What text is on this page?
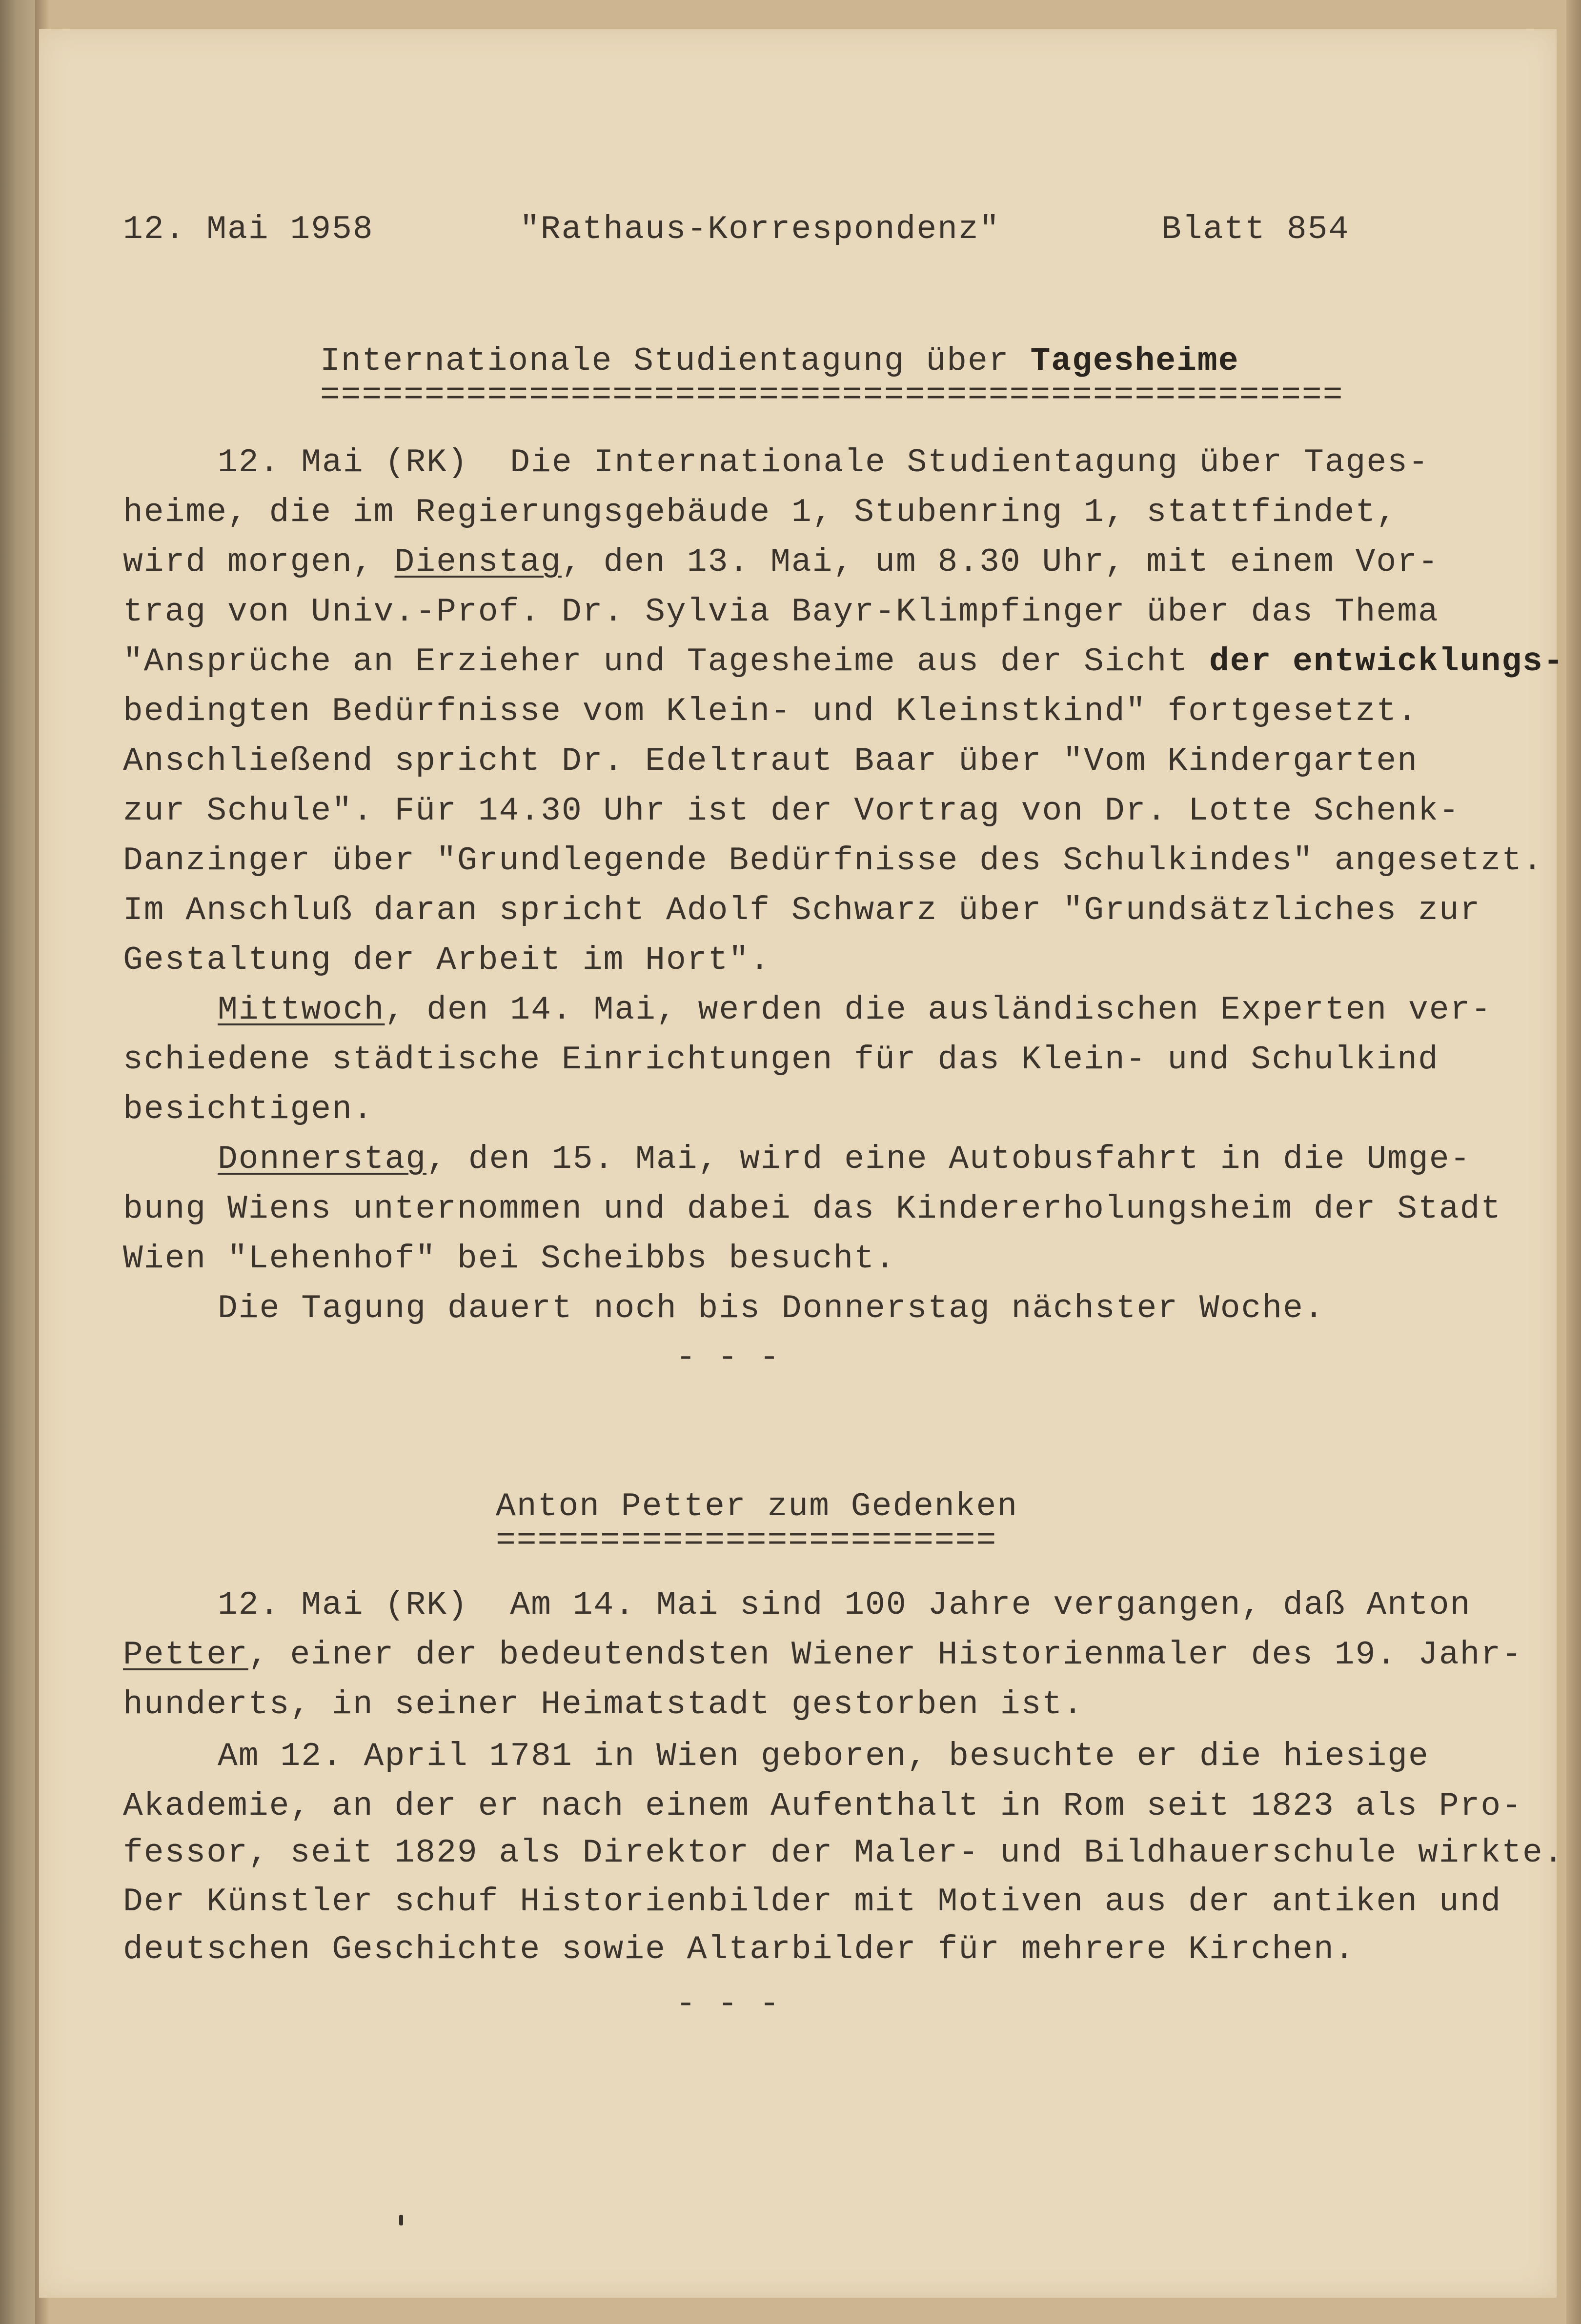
12. Mai 1958	"Rathaus-Korrespondenz"	Blatt 854
Internationale Studientagung über Tagesheime
=================================================
12. Mai (RK)  Die Internationale Studientagung über Tages-
heime, die im Regierungsgebäude 1, Stubenring 1, stattfindet,
wird morgen, Dienstag, den 13. Mai, um 8.30 Uhr, mit einem Vor-
trag von Univ.-Prof. Dr. Sylvia Bayr-Klimpfinger über das Thema
"Ansprüche an Erzieher und Tagesheime aus der Sicht der entwicklungs-
bedingten Bedürfnisse vom Klein- und Kleinstkind" fortgesetzt.
Anschließend spricht Dr. Edeltraut Baar über "Vom Kindergarten
zur Schule". Für 14.30 Uhr ist der Vortrag von Dr. Lotte Schenk-
Danzinger über "Grundlegende Bedürfnisse des Schulkindes" angesetzt.
Im Anschluß daran spricht Adolf Schwarz über "Grundsätzliches zur
Gestaltung der Arbeit im Hort".
Mittwoch, den 14. Mai, werden die ausländischen Experten ver-
schiedene städtische Einrichtungen für das Klein- und Schulkind
besichtigen.
Donnerstag, den 15. Mai, wird eine Autobusfahrt in die Umge-
bung Wiens unternommen und dabei das Kindererholungsheim der Stadt
Wien "Lehenhof" bei Scheibbs besucht.
Die Tagung dauert noch bis Donnerstag nächster Woche.
- - -
Anton Petter zum Gedenken
========================
12. Mai (RK)  Am 14. Mai sind 100 Jahre vergangen, daß Anton
Petter, einer der bedeutendsten Wiener Historienmaler des 19. Jahr-
hunderts, in seiner Heimatstadt gestorben ist.
Am 12. April 1781 in Wien geboren, besuchte er die hiesige
Akademie, an der er nach einem Aufenthalt in Rom seit 1823 als Pro-
fessor, seit 1829 als Direktor der Maler- und Bildhauerschule wirkte.
Der Künstler schuf Historienbilder mit Motiven aus der antiken und
deutschen Geschichte sowie Altarbilder für mehrere Kirchen.
- - -
